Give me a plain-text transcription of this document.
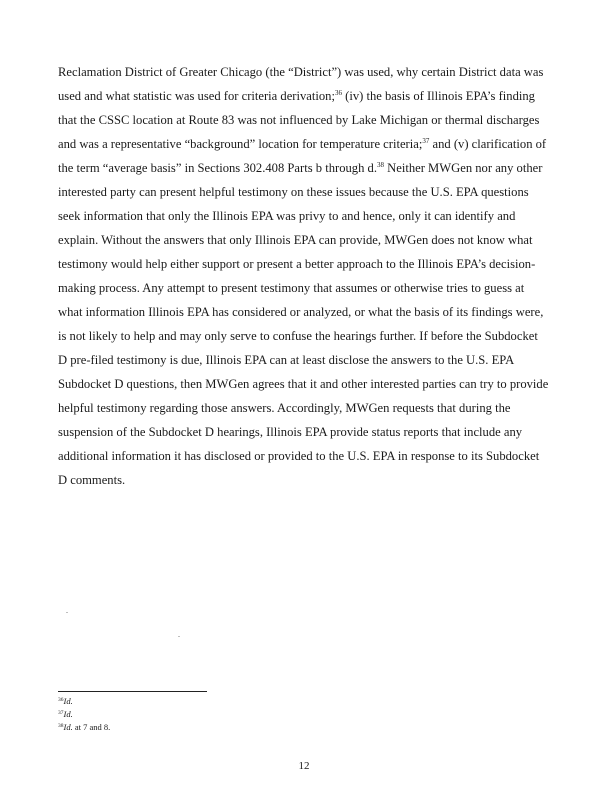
Reclamation District of Greater Chicago (the “District”) was used, why certain District data was
used and what statistic was used for criteria derivation;$^{36}$ (iv) the basis of Illinois EPA’s finding
that the CSSC location at Route 83 was not influenced by Lake Michigan or thermal discharges
and was a representative “background” location for temperature criteria;$^{37}$ and (v) clarification of
the term “average basis” in Sections 302.408 Parts b through d.$^{38}$ Neither MWGen nor any other
interested party can present helpful testimony on these issues because the U.S. EPA questions
seek information that only the Illinois EPA was privy to and hence, only it can identify and
explain. Without the answers that only Illinois EPA can provide, MWGen does not know what
testimony would help either support or present a better approach to the Illinois EPA’s decision-
making process. Any attempt to present testimony that assumes or otherwise tries to guess at
what information Illinois EPA has considered or analyzed, or what the basis of its findings were,
is not likely to help and may only serve to confuse the hearings further. If before the Subdocket
D pre-filed testimony is due, Illinois EPA can at least disclose the answers to the U.S. EPA
Subdocket D questions, then MWGen agrees that it and other interested parties can try to provide
helpful testimony regarding those answers. Accordingly, MWGen requests that during the
suspension of the Subdocket D hearings, Illinois EPA provide status reports that include any
additional information it has disclosed or provided to the U.S. EPA in response to its Subdocket
D comments.
.
.
$^{36}$Id.
$^{37}$Id.
$^{38}$Id. at 7 and 8.
12
